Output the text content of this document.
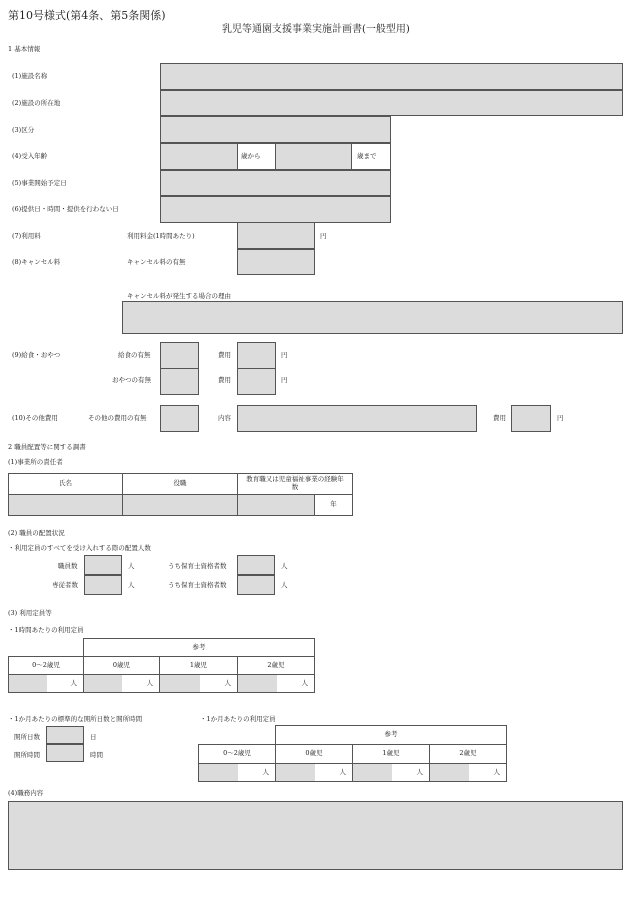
第10号様式(第4条、第5条関係)
乳児等通園支援事業実施計画書(一般型用)
1 基本情報
(1)施設名称
(2)施設の所在地
(3)区分
(4)受入年齢	歳から	歳まで
(5)事業開始予定日
(6)提供日・時間・提供を行わない日
(7)利用料	利用料金(1時間あたり)	円
(8)キャンセル料	キャンセル料の有無
キャンセル料が発生する場合の理由
(9)給食・おやつ	給食の有無	費用	円
おやつの有無	費用	円
(10)その他費用	その他の費用の有無	内容	費用	円
2 職員配置等に関する調書
(1)事業所の責任者
氏名	役職	教育職又は児童福祉事業の経験年数
年
(2) 職員の配置状況
・利用定員のすべてを受け入れする際の配置人数
職員数	人	うち保育士資格者数	人
専従者数	人	うち保育士資格者数	人
(3) 利用定員等
・1時間あたりの利用定員
参考
0～2歳児	0歳児	1歳児	2歳児
人	人	人	人
・1か月あたりの標準的な開所日数と開所時間
開所日数	日
開所時間	時間
・1か月あたりの利用定員
参考
0～2歳児	0歳児	1歳児	2歳児
人	人	人	人
(4)職務内容
